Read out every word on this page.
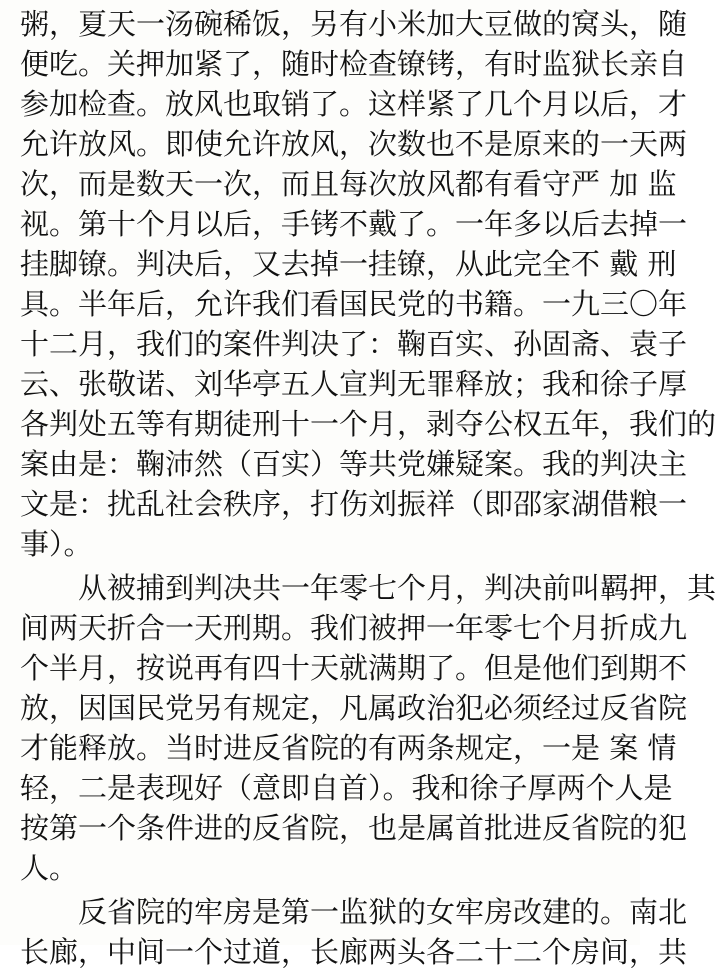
粥，夏天一汤碗稀饭，另有小米加大豆做的窝头，随
便吃。关押加紧了，随时检查镣铐，有时监狱长亲自
参加检查。放风也取销了。这样紧了几个月以后，才
允许放风。即使允许放风，次数也不是原来的一天两
次，而是数天一次，而且每次放风都有看守严 加 监
视。第十个月以后，手铐不戴了。一年多以后去掉一
挂脚镣。判决后，又去掉一挂镣，从此完全不 戴 刑
具。半年后，允许我们看国民党的书籍。一九三〇年
十二月，我们的案件判决了：鞠百实、孙固斋、袁子
云、张敬诺、刘华亭五人宣判无罪释放；我和徐子厚
各判处五等有期徒刑十一个月，剥夺公权五年，我们的
案由是：鞠沛然（百实）等共党嫌疑案。我的判决主
文是：扰乱社会秩序，打伤刘振祥（即邵家湖借粮一
事）。
从被捕到判决共一年零七个月，判决前叫羁押，其
间两天折合一天刑期。我们被押一年零七个月折成九
个半月，按说再有四十天就满期了。但是他们到期不
放，因国民党另有规定，凡属政治犯必须经过反省院
才能释放。当时进反省院的有两条规定，一是 案 情
轻，二是表现好（意即自首）。我和徐子厚两个人是
按第一个条件进的反省院，也是属首批进反省院的犯
人。
反省院的牢房是第一监狱的女牢房改建的。南北
长廊，中间一个过道，长廊两头各二十二个房间，共
